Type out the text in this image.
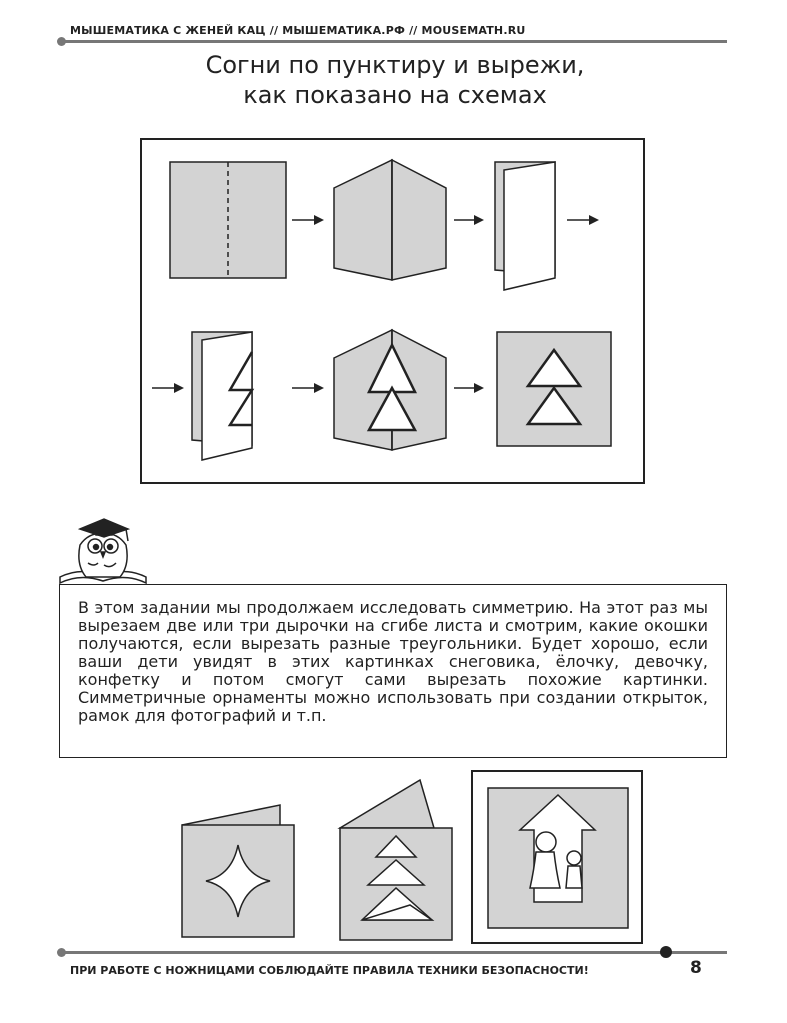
МЫШЕМАТИКА С ЖЕНЕЙ КАЦ // МЫШЕМАТИКА.РФ // MOUSEMATH.RU
Согни по пунктиру и вырежи,
как показано на схемах

В этом задании мы продолжаем исследовать симметрию. На этот раз мы вырезаем две или три дырочки на сгибе листа и смотрим, какие окошки получаются, если вырезать разные треугольники. Будет хорошо, если ваши дети увидят в этих картинках снеговика, ёлочку, девочку, конфетку и потом смогут сами вырезать похожие картинки. Симметричные орнаменты можно использовать при создании открыток, рамок для фотографий и т.п.

ПРИ РАБОТЕ С НОЖНИЦАМИ СОБЛЮДАЙТЕ ПРАВИЛА ТЕХНИКИ БЕЗОПАСНОСТИ!	8
